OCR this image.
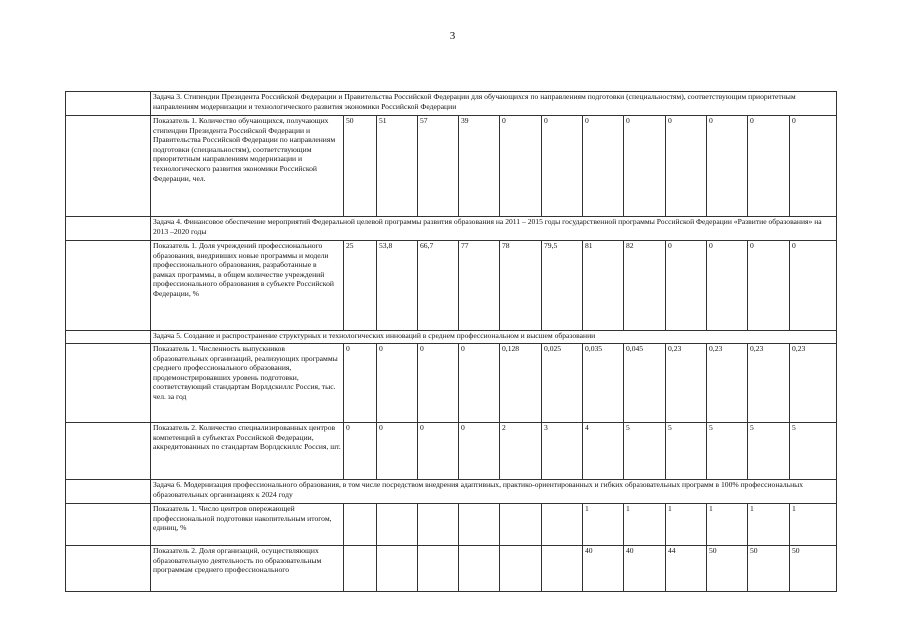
3
	Задача 3. Стипендии Президента Российской Федерации и Правительства Российской Федерации для обучающихся по направлениям подготовки (специальностям), соответствующим приоритетным направлениям модернизации и технологического развития экономики Российской Федерации												
	Показатель 1. Количество обучающихся, получающих стипендии Президента Российской Федерации и Правительства Российской Федерации по направлениям подготовки (специальностям), соответствующим приоритетным направлениям модернизации и технологического развития экономики Российской Федерации, чел.	50	51	57	39	0	0	0	0	0	0	0	0
	Задача 4. Финансовое обеспечение мероприятий Федеральной целевой программы развития образования на 2011 – 2015 годы государственной программы Российской Федерации «Развитие образования» на 2013 –2020 годы												
	Показатель 1. Доля учреждений профессионального образования, внедривших новые программы и модели профессионального образования, разработанные в рамках программы, в общем количестве учреждений профессионального образования в субъекте Российской Федерации, %	25	53,8	66,7	77	78	79,5	81	82	0	0	0	0
	Задача 5. Создание и распространение структурных и технологических инноваций в среднем профессиональном и высшем образовании												
	Показатель 1. Численность выпускников образовательных организаций, реализующих программы среднего профессионального образования, продемонстрировавших уровень подготовки, соответствующий стандартам Ворлдскиллс Россия, тыс. чел. за год	0	0	0	0	0,128	0,025	0,035	0,045	0,23	0,23	0,23	0,23
	Показатель 2. Количество специализированных центров компетенций в субъектах Российской Федерации, аккредитованных по стандартам Ворлдскиллс Россия, шт.	0	0	0	0	2	3	4	5	5	5	5	5
	Задача 6. Модернизация профессионального образования, в том числе посредством внедрения адаптивных, практико-ориентированных и гибких образовательных программ в 100% профессиональных образовательных организациях к 2024 году												
	Показатель 1. Число центров опережающей профессиональной подготовки накопительным итогом, единиц, %							1	1	1	1	1	1
	Показатель 2. Доля организаций, осуществляющих образовательную деятельность по образовательным программам среднего профессионального							40	40	44	50	50	50
